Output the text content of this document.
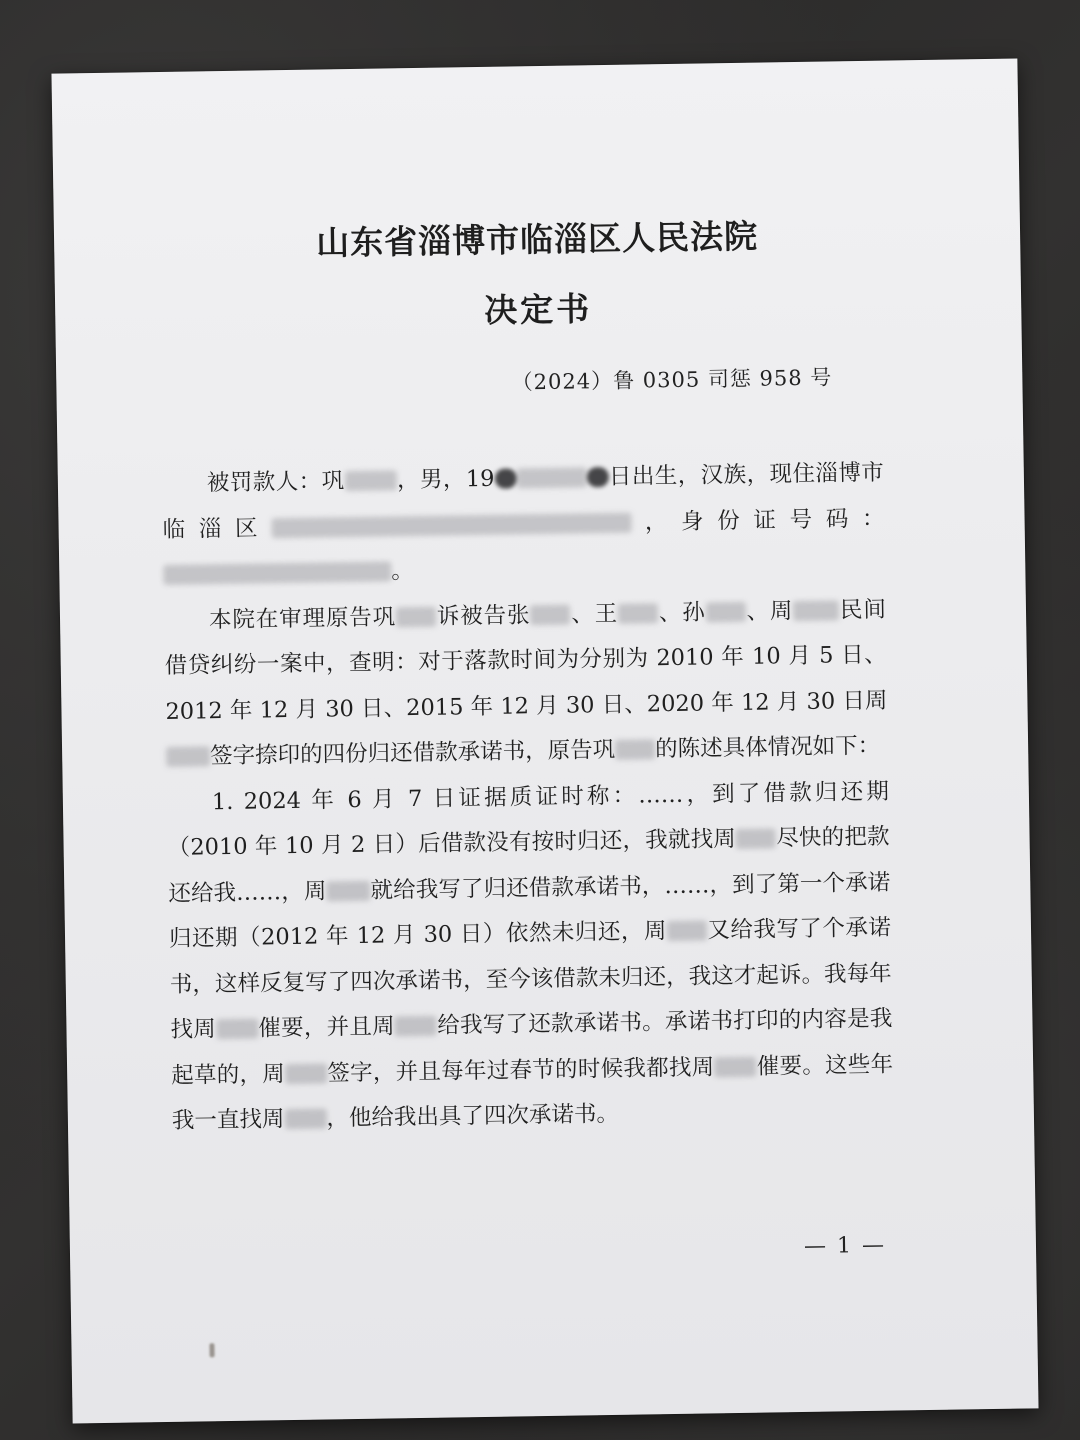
山东省淄博市临淄区人民法院
决定书
（2024）鲁 0305 司惩 958 号

被罚款人：巩 ，男，19	日出生，汉族，现住淄博市临淄区	，身份证号码：。

本院在审理原告巩 诉被告张 、王 、孙 、周 民间借贷纠纷一案中，查明：对于落款时间为分别为 2010 年 10 月 5 日、2012 年 12 月 30 日、2015 年 12 月 30 日、2020 年 12 月 30 日周签字捺印的四份归还借款承诺书，原告巩 的陈述具体情况如下：

1. 2024 年 6 月 7 日证据质证时称：……，到了借款归还期（2010 年 10 月 2 日）后借款没有按时归还，我就找周 尽快的把款还给我……，周 就给我写了归还借款承诺书，……，到了第一个承诺归还期（2012 年 12 月 30 日）依然未归还，周 又给我写了个承诺书，这样反复写了四次承诺书，至今该借款未归还，我这才起诉。我每年找周 催要，并且周 给我写了还款承诺书。承诺书打印的内容是我起草的，周 签字，并且每年过春节的时候我都找周 催要。这些年我一直找周 ，他给我出具了四次承诺书。

— 1 —
